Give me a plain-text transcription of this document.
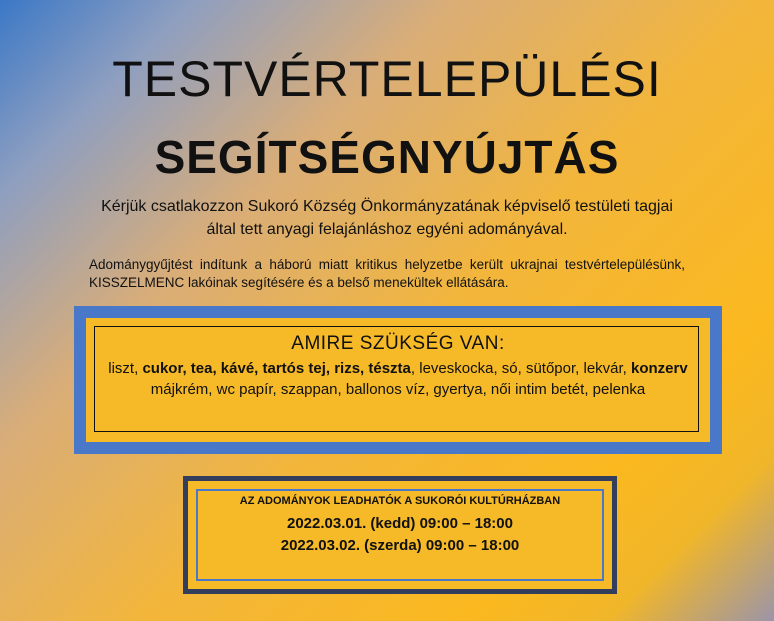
TESTVÉRTELEPÜLÉSI
SEGÍTSÉGNYÚJTÁS
Kérjük csatlakozzon Sukoró Község Önkormányzatának képviselő testületi tagjai
által tett anyagi felajánláshoz egyéni adományával.
Adománygyűjtést indítunk a háború miatt kritikus helyzetbe került ukrajnai testvértelepülésünk, KISSZELMENC lakóinak segítésére és a belső menekültek ellátására.
AMIRE SZÜKSÉG VAN:
liszt, cukor, tea, kávé, tartós tej, rizs, tészta, leveskocka, só, sütőpor, lekvár, konzerv májkrém, wc papír, szappan, ballonos víz, gyertya, női intim betét, pelenka
AZ ADOMÁNYOK LEADHATÓK A SUKORÓI KULTÚRHÁZBAN
2022.03.01. (kedd) 09:00 – 18:00
2022.03.02. (szerda) 09:00 – 18:00
